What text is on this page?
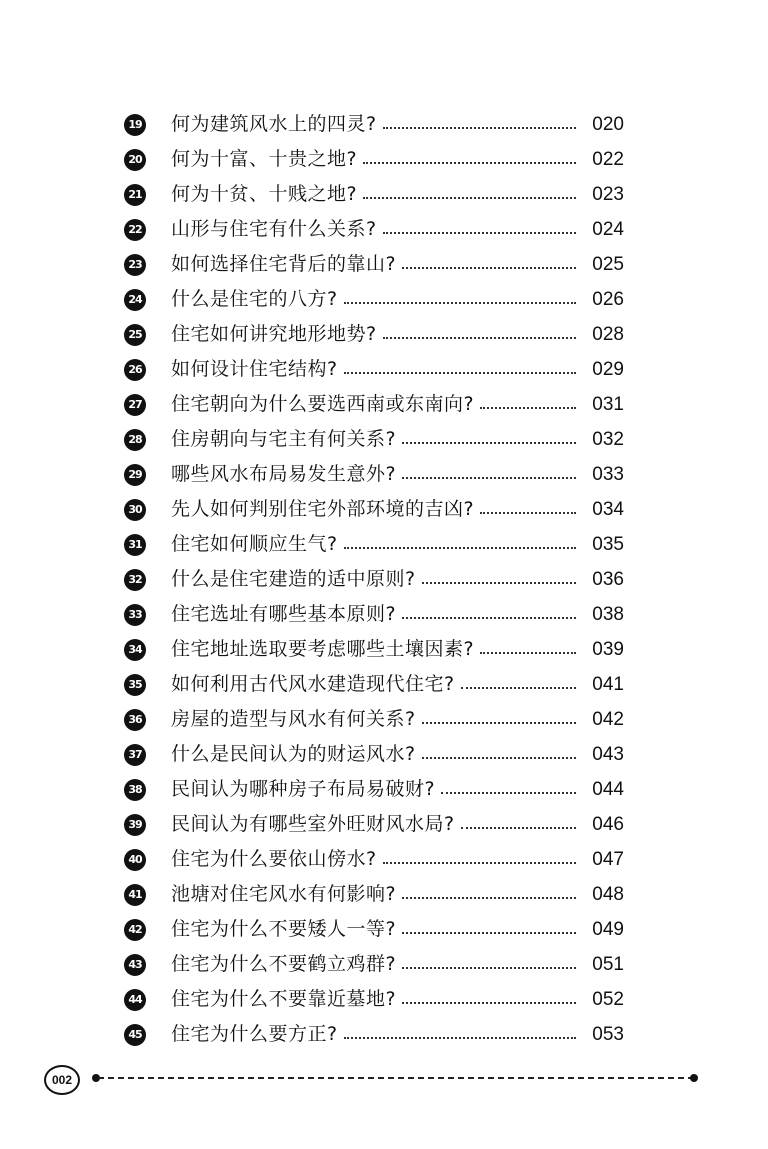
19 何为建筑风水上的四灵?	020
20 何为十富、十贵之地?	022
21 何为十贫、十贱之地?	023
22 山形与住宅有什么关系?	024
23 如何选择住宅背后的靠山?	025
24 什么是住宅的八方?	026
25 住宅如何讲究地形地势?	028
26 如何设计住宅结构?	029
27 住宅朝向为什么要选西南或东南向?	031
28 住房朝向与宅主有何关系?	032
29 哪些风水布局易发生意外?	033
30 先人如何判别住宅外部环境的吉凶?	034
31 住宅如何顺应生气?	035
32 什么是住宅建造的适中原则?	036
33 住宅选址有哪些基本原则?	038
34 住宅地址选取要考虑哪些土壤因素?	039
35 如何利用古代风水建造现代住宅?	041
36 房屋的造型与风水有何关系?	042
37 什么是民间认为的财运风水?	043
38 民间认为哪种房子布局易破财?	044
39 民间认为有哪些室外旺财风水局?	046
40 住宅为什么要依山傍水?	047
41 池塘对住宅风水有何影响?	048
42 住宅为什么不要矮人一等?	049
43 住宅为什么不要鹤立鸡群?	051
44 住宅为什么不要靠近墓地?	052
45 住宅为什么要方正?	053
002
